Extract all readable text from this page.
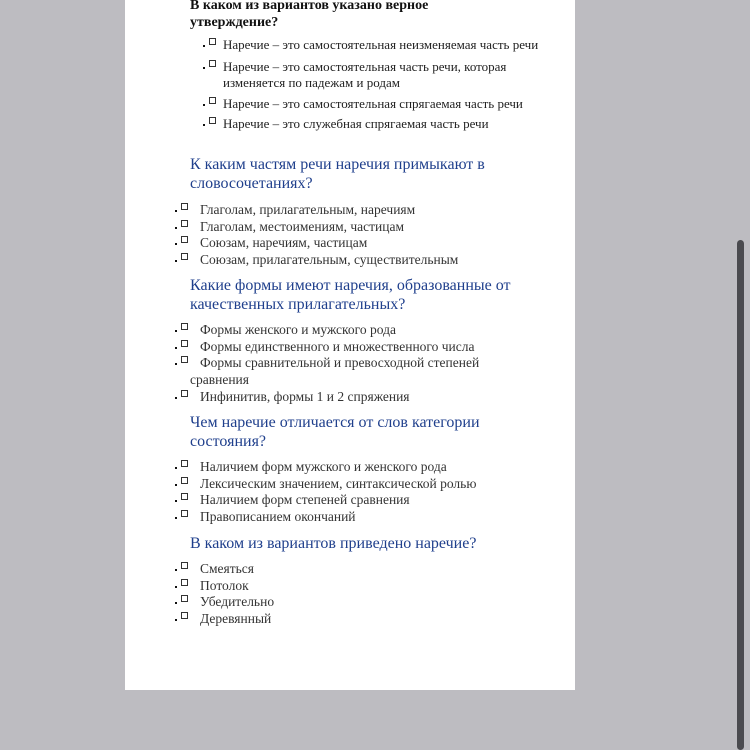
В каком из вариантов указано верное утверждение?
Наречие – это самостоятельная неизменяемая часть речи
Наречие – это самостоятельная часть речи, которая изменяется по падежам и родам
Наречие – это самостоятельная спрягаемая часть речи
Наречие – это служебная спрягаемая часть речи
К каким частям речи наречия примыкают в словосочетаниях?
Глаголам, прилагательным, наречиям
Глаголам, местоимениям, частицам
Союзам, наречиям, частицам
Союзам, прилагательным, существительным
Какие формы имеют наречия, образованные от качественных прилагательных?
Формы женского и мужского рода
Формы единственного и множественного числа
Формы сравнительной и превосходной степеней сравнения
Инфинитив, формы 1 и 2 спряжения
Чем наречие отличается от слов категории состояния?
Наличием форм мужского и женского рода
Лексическим значением, синтаксической ролью
Наличием форм степеней сравнения
Правописанием окончаний
В каком из вариантов приведено наречие?
Смеяться
Потолок
Убедительно
Деревянный
